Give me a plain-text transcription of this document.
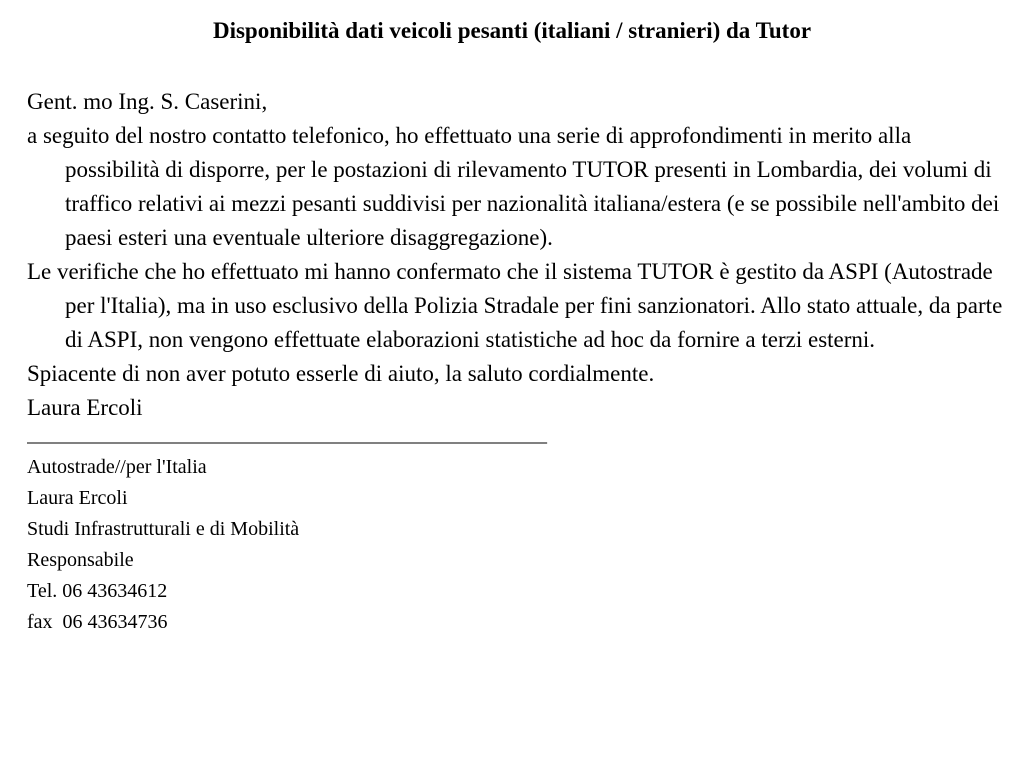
Disponibilità dati veicoli pesanti (italiani / stranieri) da Tutor

Gent. mo Ing. S. Caserini,

a seguito del nostro contatto telefonico, ho effettuato una serie di approfondimenti in merito alla possibilità di disporre, per le postazioni di rilevamento TUTOR presenti in Lombardia, dei volumi di traffico relativi ai mezzi pesanti suddivisi per nazionalità italiana/estera (e se possibile nell'ambito dei paesi esteri una eventuale ulteriore disaggregazione).

Le verifiche che ho effettuato mi hanno confermato che il sistema TUTOR è gestito da ASPI (Autostrade per l'Italia), ma in uso esclusivo della Polizia Stradale per fini sanzionatori. Allo stato attuale, da parte di ASPI, non vengono effettuate elaborazioni statistiche ad hoc da fornire a terzi esterni.

Spiacente di non aver potuto esserle di aiuto, la saluto cordialmente.

Laura Ercoli

____________________________________________________

Autostrade//per l'Italia

Laura Ercoli

Studi Infrastrutturali e di Mobilità

Responsabile

Tel. 06 43634612

fax  06 43634736
